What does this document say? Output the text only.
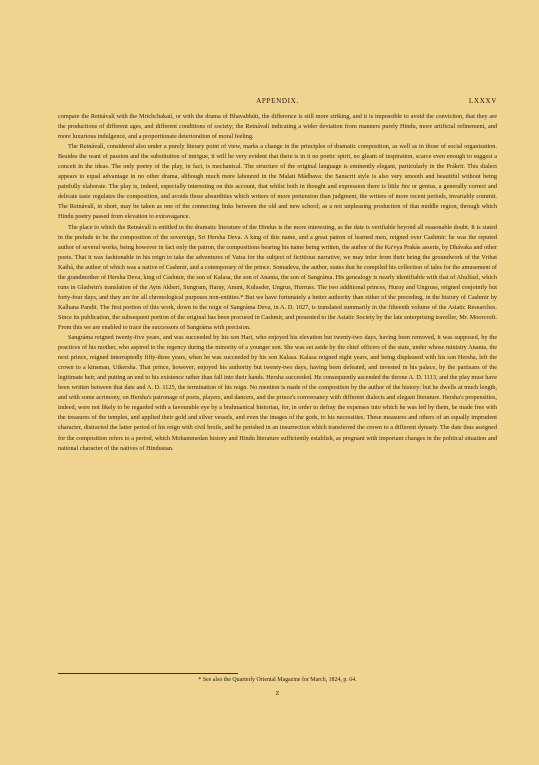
APPENDIX.	LXXXV

compare the Retnávalí with the Mrichchakatí, or with the drama of Bhavabhúti, the difference is still more striking, and it is impossible to avoid the conviction, that they are the productions of different ages, and different conditions of society; the Retnávalí indicating a wider deviation from manners purely Hindu, more artificial refinement, and more luxurious indulgence, and a proportionate deterioration of moral feeling.

The Retnávalí, considered also under a purely literary point of view, marks a change in the principles of dramatic composition, as well as in those of social organization. Besides the want of passion and the substitution of intrigue, it will be very evident that there is in it no poetic spirit, no gleam of inspiration, scarce even enough to suggest a conceit in the ideas. The only poetry of the play, in fact, is mechanical. The structure of the original language is eminently elegant, particularly in the Prákrit. This dialect appears to equal advantage in no other drama, although much more laboured in the Malati Mádhava: the Sanscrit style is also very smooth and beautiful without being painfully elaborate. The play is, indeed, especially interesting on this account, that whilst both in thought and expression there is little fire or genius, a generally correct and delicate taste regulates the composition, and avoids those absurdities which writers of more pretension than judgment, the writers of more recent periods, invariably commit. The Retnávalí, in short, may be taken as one of the connecting links between the old and new school; as a not unpleasing production of that middle region, through which Hindu poetry passed from elevation to extravagance.

The place to which the Retnávalí is entitled in the dramatic literature of the Hindus is the more interesting, as the date is verifiable beyond all reasonable doubt. It is stated in the prelude to be the composition of the sovereign, Sri Hersha Deva. A king of this name, and a great patron of learned men, reigned over Cashmir: he was the reputed author of several works, being however in fact only the patron, the compositions bearing his name being written, the author of the Ka'vya Prakás asserts, by Dhávaka and other poets. That it was fashionable in his reign to take the adventures of Vatsa for the subject of fictitious narrative, we may infer from their being the groundwork of the Vrihat Kathá, the author of which was a native of Cashmir, and a cotemporary of the prince. Somadeva, the author, states that he compiled his collection of tales for the amusement of the grandmother of Hersha Deva, king of Cashmir, the son of Kalasa, the son of Ananta, the son of Sangráma. His genealogy is nearly identifiable with that of Abulfazl, which runs in Gladwin's translation of the Ayin Akberi, Sungram, Haray, Anunt, Kulusder, Ungrus, Hurruss. The two additional princes, Huray and Ungruss, reigned conjointly but forty-four days, and they are for all chronological purposes non-entities.* But we have fortunately a better authority than either of the preceding, in the history of Cashmir by Kalhana Pandit. The first portion of this work, down to the reign of Sangráma Deva, in A. D. 1027, is translated summarily in the fifteenth volume of the Asiatic Researches. Since its publication, the subsequent portion of the original has been procured in Cashmir, and presented to the Asiatic Society by the late enterprising traveller, Mr. Moorcroft. From this we are enabled to trace the successors of Sangráma with precision.

Sangráma reigned twenty-five years, and was succeeded by his son Hari, who enjoyed his elevation but twenty-two days, having been removed, it was supposed, by the practices of his mother, who aspired to the regency during the minority of a younger son. She was set aside by the chief officers of the state, under whose ministry Ananta, the next prince, reigned interruptedly fifty-three years, when he was succeeded by his son Kalasa. Kalasa reigned eight years, and being displeased with his son Hersha, left the crown to a kinsman, Utkersha. That prince, however, enjoyed his authority but twenty-two days, having been defeated, and invested in his palace, by the partisans of the legitimate heir, and putting an end to his existence rather than fall into their hands. Hersha succeeded. He consequently ascended the throne A. D. 1113, and the play must have been written between that date and A. D. 1125, the termination of his reign. No mention is made of the composition by the author of the history: but he dwells at much length, and with some acrimony, on Hersha's patronage of poets, players, and dancers, and the prince's conversancy with different dialects and elegant literature. Hersha's propensities, indeed, were not likely to be regarded with a favourable eye by a brahmanical historian, for, in order to defray the expenses into which he was led by them, he made free with the treasures of the temples, and applied their gold and silver vessels, and even the images of the gods, to his necessities. These measures and others of an equally imprudent character, distracted the latter period of his reign with civil broils, and he perished in an insurrection which transferred the crown to a different dynasty. The date thus assigned for the composition refers to a period, which Mohammedan history and Hindu literature sufficiently establish, as pregnant with important changes in the political situation and national character of the natives of Hindustan.

* See also the Quarterly Oriental Magazine for March, 1824, p. 64.
Z
